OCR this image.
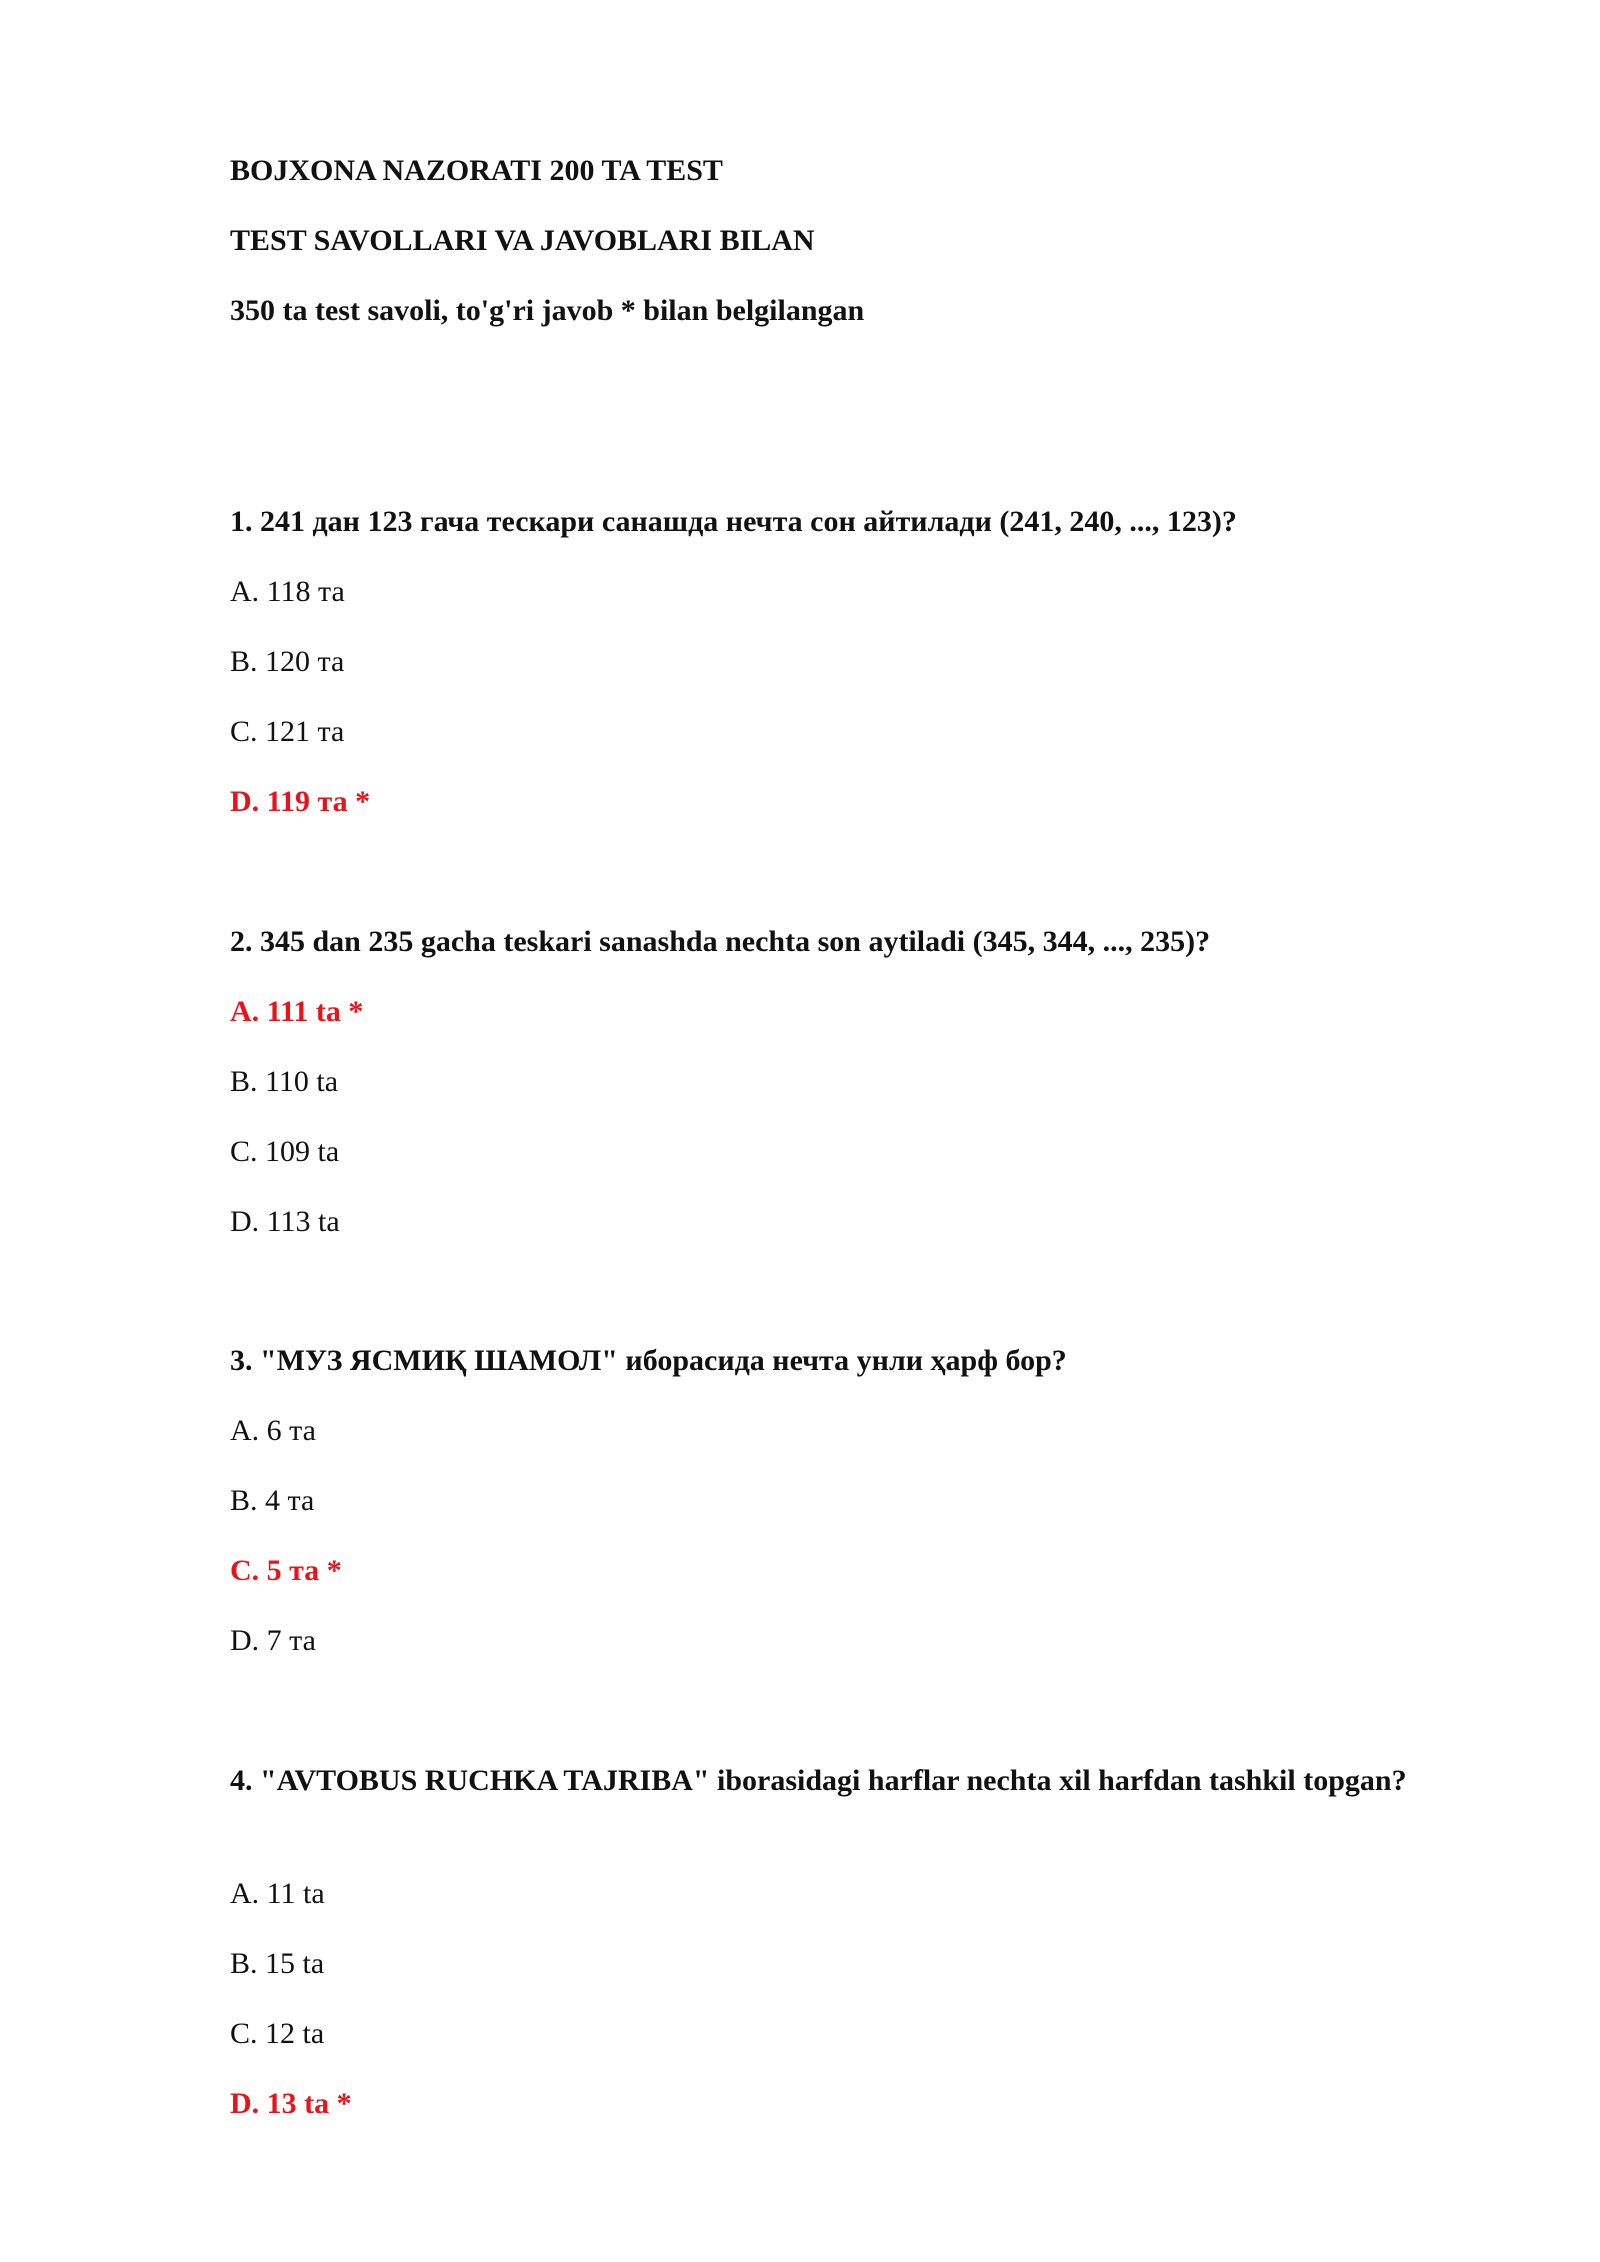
BOJXONA NAZORATI 200 TA TEST
TEST SAVOLLARI VA JAVOBLARI BILAN
350 ta test savoli, to'g'ri javob * bilan belgilangan
1. 241 дан 123 гача тескари санашда нечта сон айтилади (241, 240, ..., 123)?
A. 118 та
B. 120 та
C. 121 та
D. 119 та *
2. 345 dan 235 gacha teskari sanashda nechta son aytiladi (345, 344, ..., 235)?
A. 111 ta *
B. 110 ta
C. 109 ta
D. 113 ta
3. "МУЗ ЯСМИҚ ШАМОЛ" иборасида нечта унли ҳарф бор?
A. 6 та
B. 4 та
C. 5 та *
D. 7 та
4. "AVTOBUS RUCHKA TAJRIBA" iborasidagi harflar nechta xil harfdan tashkil topgan?
A. 11 ta
B. 15 ta
C. 12 ta
D. 13 ta *
